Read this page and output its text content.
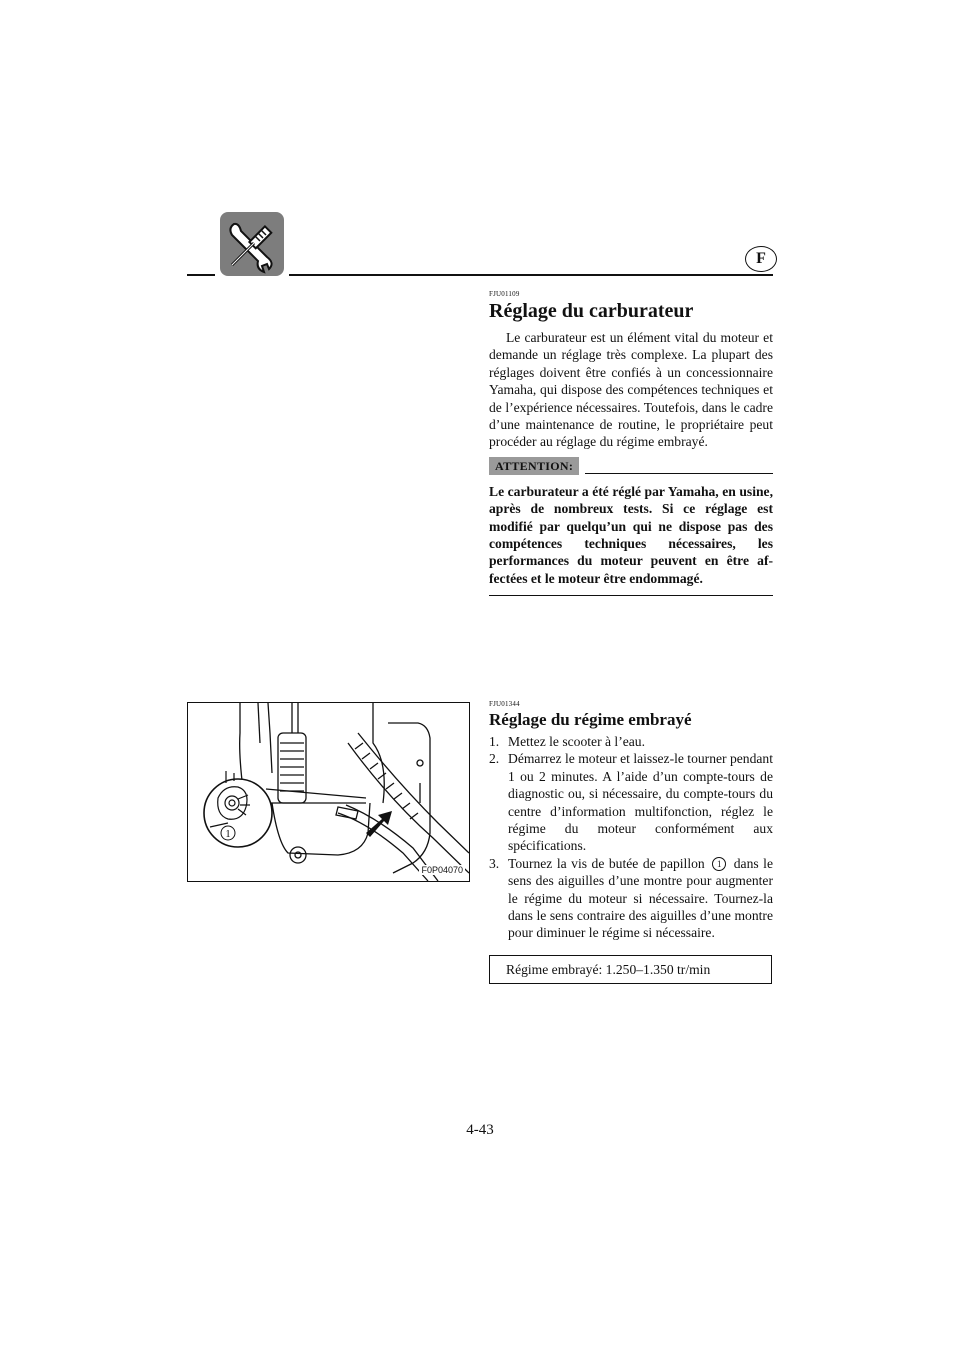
F

FJU01109

Réglage du carburateur

Le carburateur est un élément vital du moteur et demande un réglage très complexe. La plupart des réglages doivent être confiés à un concessionnaire Yamaha, qui dispose des compétences techniques et de l’expérience nécessaires. Toutefois, dans le cadre d’une maintenance de routine, le propriétaire peut procéder au réglage du régime embrayé.

ATTENTION:

Le carburateur a été réglé par Yamaha, en usine, après de nombreux tests. Si ce réglage est modifié par quelqu’un qui ne dispose pas des compétences techniques nécessaires, les performances du moteur peuvent en être affectées et le moteur être endommagé.

1
F0P04070

FJU01344

Réglage du régime embrayé
1. Mettez le scooter à l’eau.
2. Démarrez le moteur et laissez-le tourner pendant 1 ou 2 minutes. A l’aide d’un compte-tours de diagnostic ou, si nécessaire, du compte-tours du centre d’information multifonction, réglez le régime du moteur conformément aux spécifications.
3. Tournez la vis de butée de papillon 1 dans le sens des aiguilles d’une montre pour augmenter le régime du moteur si nécessaire. Tournez-la dans le sens contraire des aiguilles d’une montre pour diminuer le régime si nécessaire.
Régime embrayé: 1.250–1.350 tr/min
4-43
